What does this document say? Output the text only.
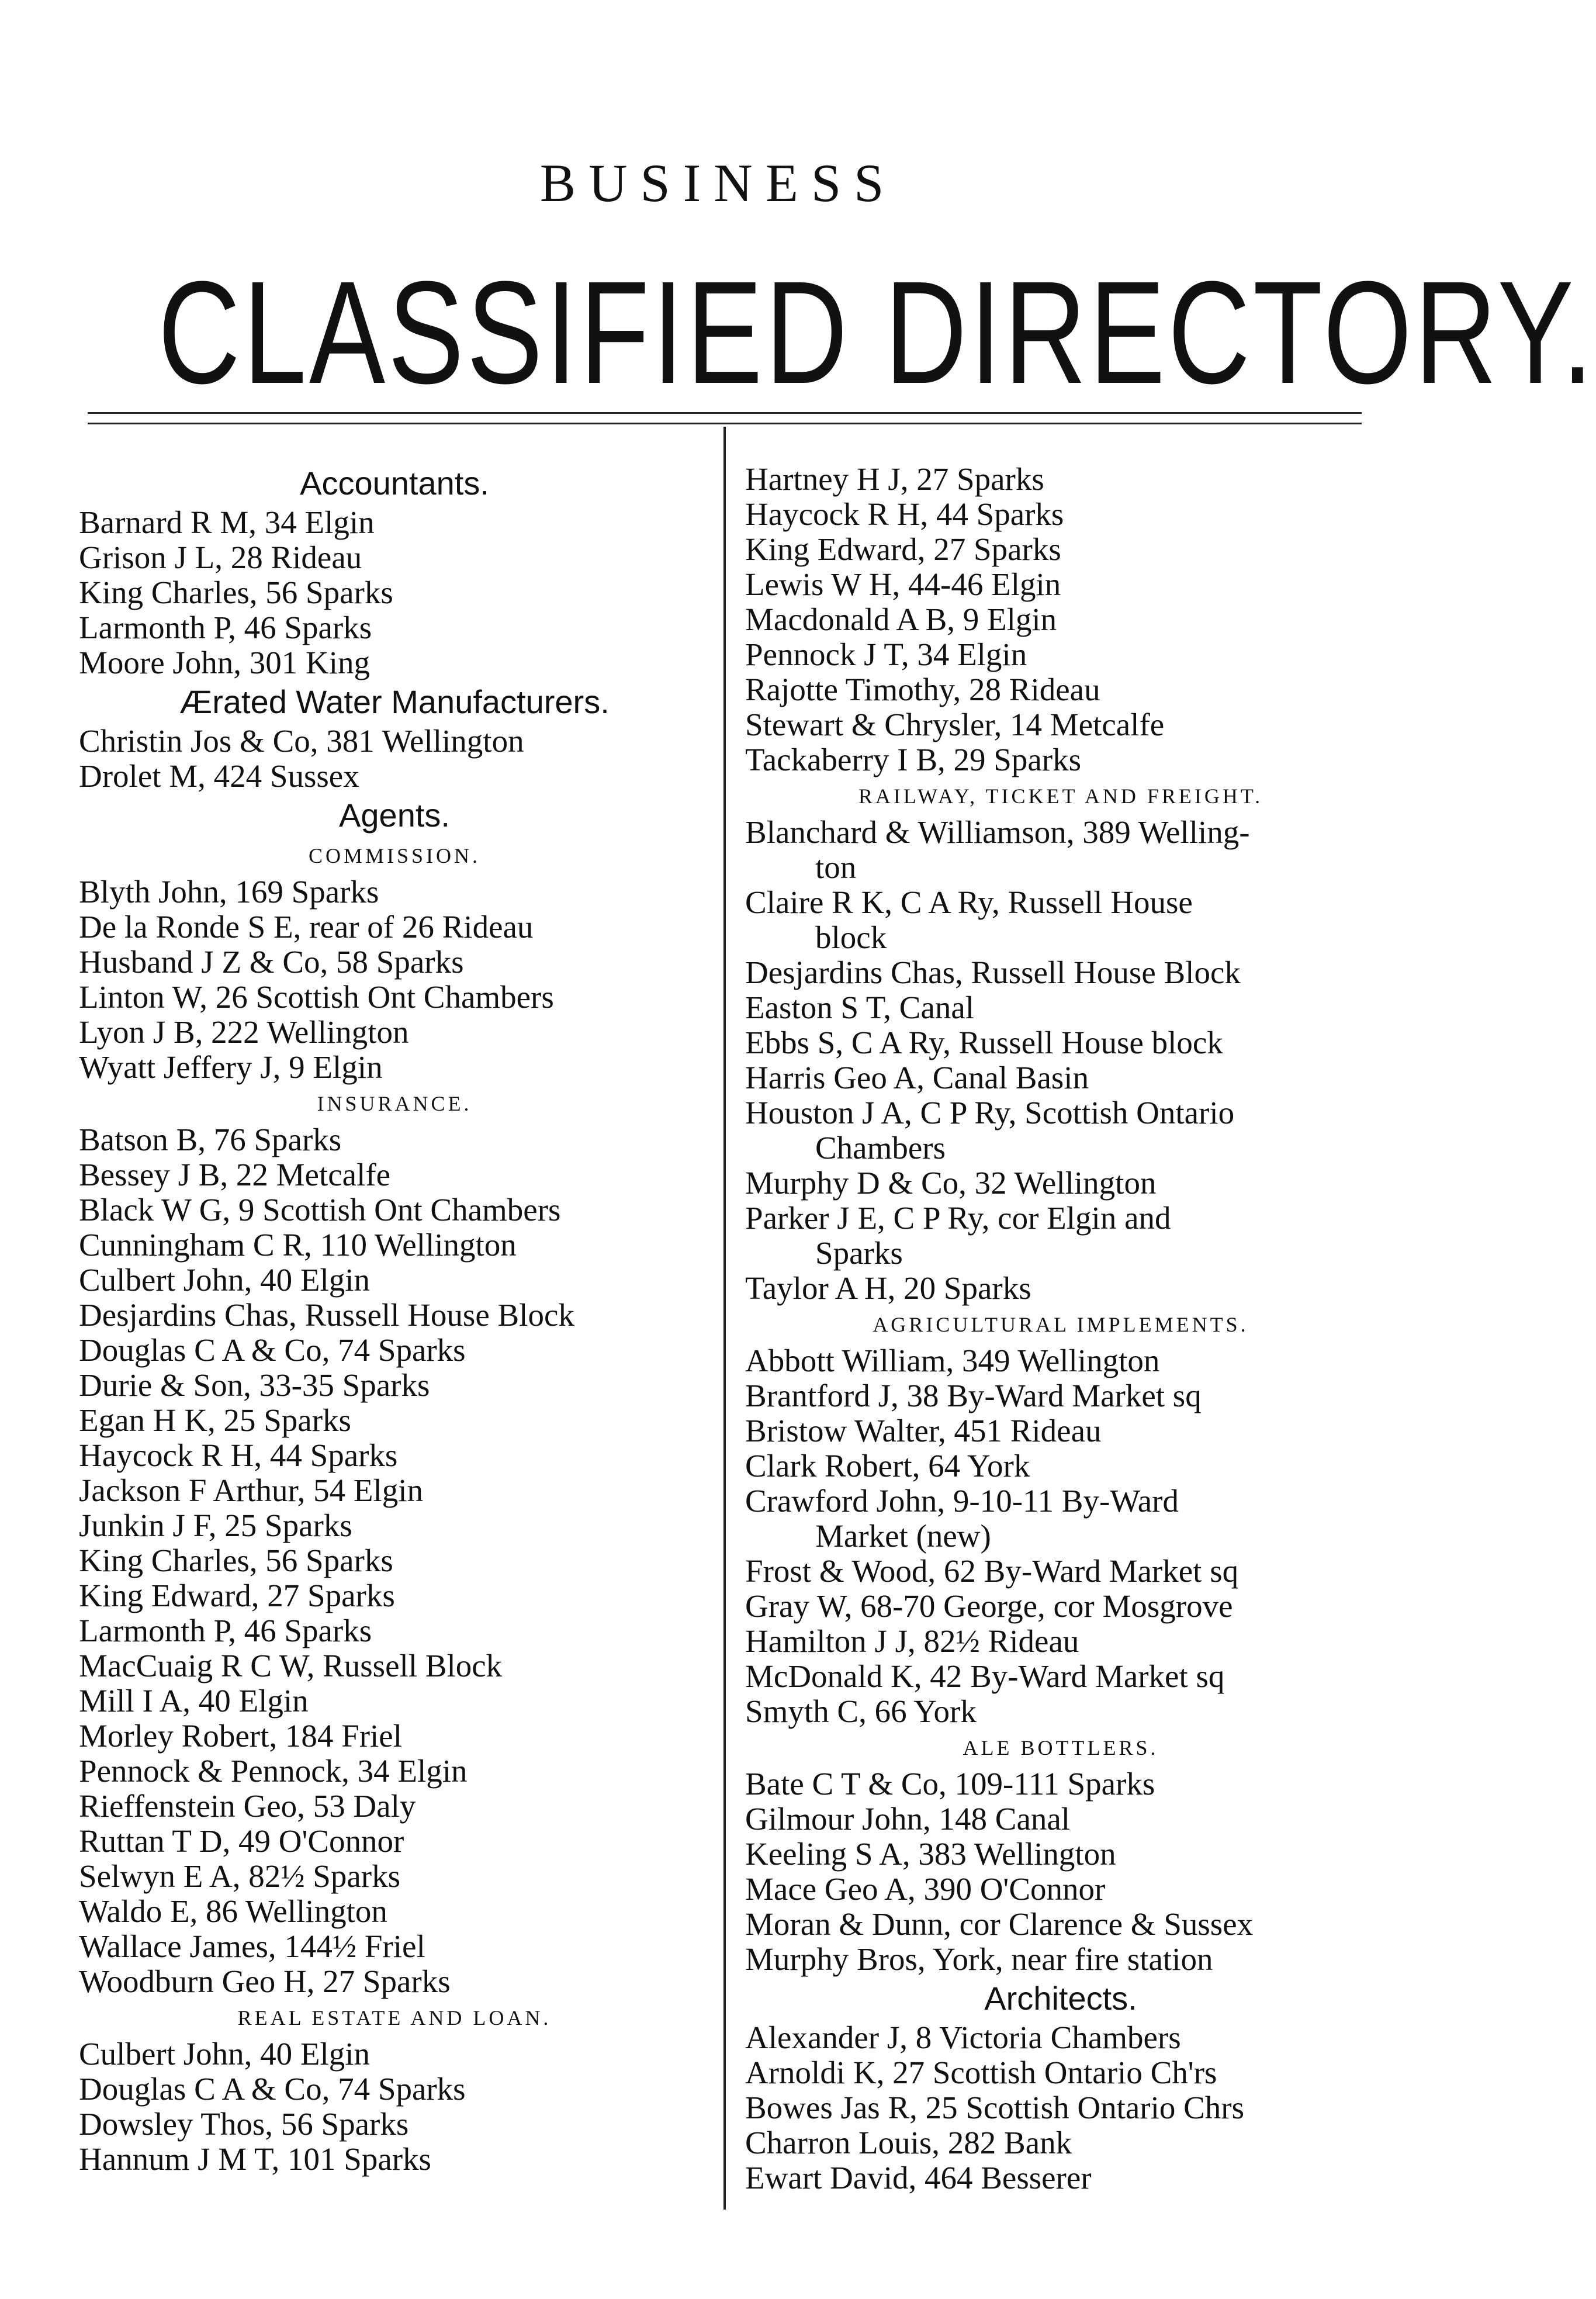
BUSINESS
CLASSIFIED DIRECTORY.
Accountants.
Barnard R M, 34 Elgin
Grison J L, 28 Rideau
King Charles, 56 Sparks
Larmonth P, 46 Sparks
Moore John, 301 King
Ærated Water Manufacturers.
Christin Jos & Co, 381 Wellington
Drolet M, 424 Sussex
Agents.
COMMISSION.
Blyth John, 169 Sparks
De la Ronde S E, rear of 26 Rideau
Husband J Z & Co, 58 Sparks
Linton W, 26 Scottish Ont Chambers
Lyon J B, 222 Wellington
Wyatt Jeffery J, 9 Elgin
INSURANCE.
Batson B, 76 Sparks
Bessey J B, 22 Metcalfe
Black W G, 9 Scottish Ont Chambers
Cunningham C R, 110 Wellington
Culbert John, 40 Elgin
Desjardins Chas, Russell House Block
Douglas C A & Co, 74 Sparks
Durie & Son, 33-35 Sparks
Egan H K, 25 Sparks
Haycock R H, 44 Sparks
Jackson F Arthur, 54 Elgin
Junkin J F, 25 Sparks
King Charles, 56 Sparks
King Edward, 27 Sparks
Larmonth P, 46 Sparks
MacCuaig R C W, Russell Block
Mill I A, 40 Elgin
Morley Robert, 184 Friel
Pennock & Pennock, 34 Elgin
Rieffenstein Geo, 53 Daly
Ruttan T D, 49 O'Connor
Selwyn E A, 82½ Sparks
Waldo E, 86 Wellington
Wallace James, 144½ Friel
Woodburn Geo H, 27 Sparks
REAL ESTATE AND LOAN.
Culbert John, 40 Elgin
Douglas C A & Co, 74 Sparks
Dowsley Thos, 56 Sparks
Hannum J M T, 101 Sparks
Hartney H J, 27 Sparks
Haycock R H, 44 Sparks
King Edward, 27 Sparks
Lewis W H, 44-46 Elgin
Macdonald A B, 9 Elgin
Pennock J T, 34 Elgin
Rajotte Timothy, 28 Rideau
Stewart & Chrysler, 14 Metcalfe
Tackaberry I B, 29 Sparks
RAILWAY, TICKET AND FREIGHT.
Blanchard & Williamson, 389 Welling-
ton
Claire R K, C A Ry, Russell House
block
Desjardins Chas, Russell House Block
Easton S T, Canal
Ebbs S, C A Ry, Russell House block
Harris Geo A, Canal Basin
Houston J A, C P Ry, Scottish Ontario
Chambers
Murphy D & Co, 32 Wellington
Parker J E, C P Ry, cor Elgin and
Sparks
Taylor A H, 20 Sparks
AGRICULTURAL IMPLEMENTS.
Abbott William, 349 Wellington
Brantford J, 38 By-Ward Market sq
Bristow Walter, 451 Rideau
Clark Robert, 64 York
Crawford John, 9-10-11 By-Ward
Market (new)
Frost & Wood, 62 By-Ward Market sq
Gray W, 68-70 George, cor Mosgrove
Hamilton J J, 82½ Rideau
McDonald K, 42 By-Ward Market sq
Smyth C, 66 York
ALE BOTTLERS.
Bate C T & Co, 109-111 Sparks
Gilmour John, 148 Canal
Keeling S A, 383 Wellington
Mace Geo A, 390 O'Connor
Moran & Dunn, cor Clarence & Sussex
Murphy Bros, York, near fire station
Architects.
Alexander J, 8 Victoria Chambers
Arnoldi K, 27 Scottish Ontario Ch'rs
Bowes Jas R, 25 Scottish Ontario Chrs
Charron Louis, 282 Bank
Ewart David, 464 Besserer
